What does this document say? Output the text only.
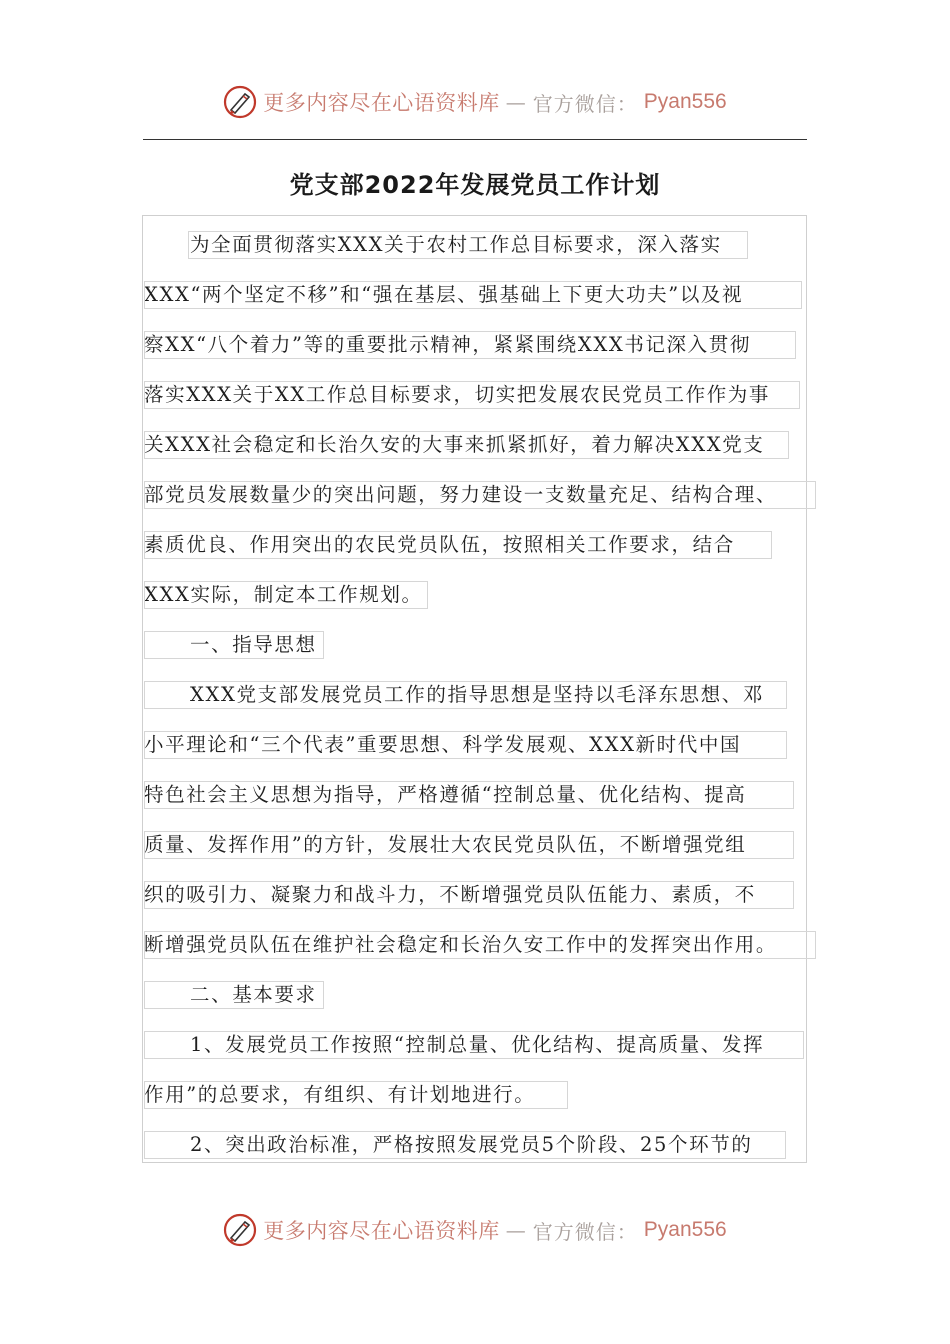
更多内容尽在心语资料库 — 官方微信： Pyan556
党支部2022年发展党员工作计划
为全面贯彻落实XXX关于农村工作总目标要求，深入落实
XXX“两个坚定不移”和“强在基层、强基础上下更大功夫”以及视
察XX“八个着力”等的重要批示精神，紧紧围绕XXX书记深入贯彻
落实XXX关于XX工作总目标要求，切实把发展农民党员工作作为事
关XXX社会稳定和长治久安的大事来抓紧抓好，着力解决XXX党支
部党员发展数量少的突出问题，努力建设一支数量充足、结构合理、
素质优良、作用突出的农民党员队伍，按照相关工作要求，结合
XXX实际，制定本工作规划。
一、指导思想
XXX党支部发展党员工作的指导思想是坚持以毛泽东思想、邓
小平理论和“三个代表”重要思想、科学发展观、XXX新时代中国
特色社会主义思想为指导，严格遵循“控制总量、优化结构、提高
质量、发挥作用”的方针，发展壮大农民党员队伍，不断增强党组
织的吸引力、凝聚力和战斗力，不断增强党员队伍能力、素质，不
断增强党员队伍在维护社会稳定和长治久安工作中的发挥突出作用。
二、基本要求
1、发展党员工作按照“控制总量、优化结构、提高质量、发挥
作用”的总要求，有组织、有计划地进行。
2、突出政治标准，严格按照发展党员5个阶段、25个环节的
更多内容尽在心语资料库 — 官方微信： Pyan556
